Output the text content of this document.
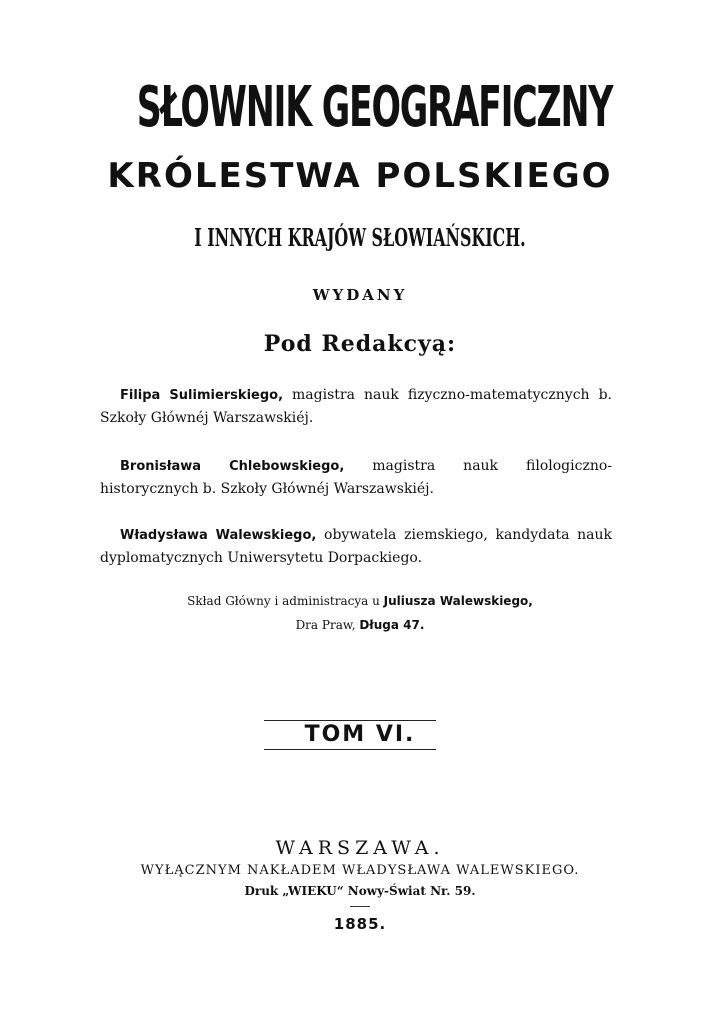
SŁOWNIK GEOGRAFICZNY
KRÓLESTWA POLSKIEGO
I INNYCH KRAJÓW SŁOWIAŃSKICH.
WYDANY
Pod Redakcyą:
Filipa Sulimierskiego, magistra nauk fizyczno-matematycznych b. Szkoły Głównéj Warszawskiéj.
Bronisława Chlebowskiego, magistra nauk filologiczno-historycznych b. Szkoły Głównéj Warszawskiéj.
Władysława Walewskiego, obywatela ziemskiego, kandydata nauk dyplomatycznych Uniwersytetu Dorpackiego.
Skład Główny i administracya u Juliusza Walewskiego,
Dra Praw, Długa 47.
TOM VI.
WARSZAWA.
WYŁĄCZNYM NAKŁADEM WŁADYSŁAWA WALEWSKIEGO.
Druk „WIEKU“ Nowy-Świat Nr. 59.
1885.
